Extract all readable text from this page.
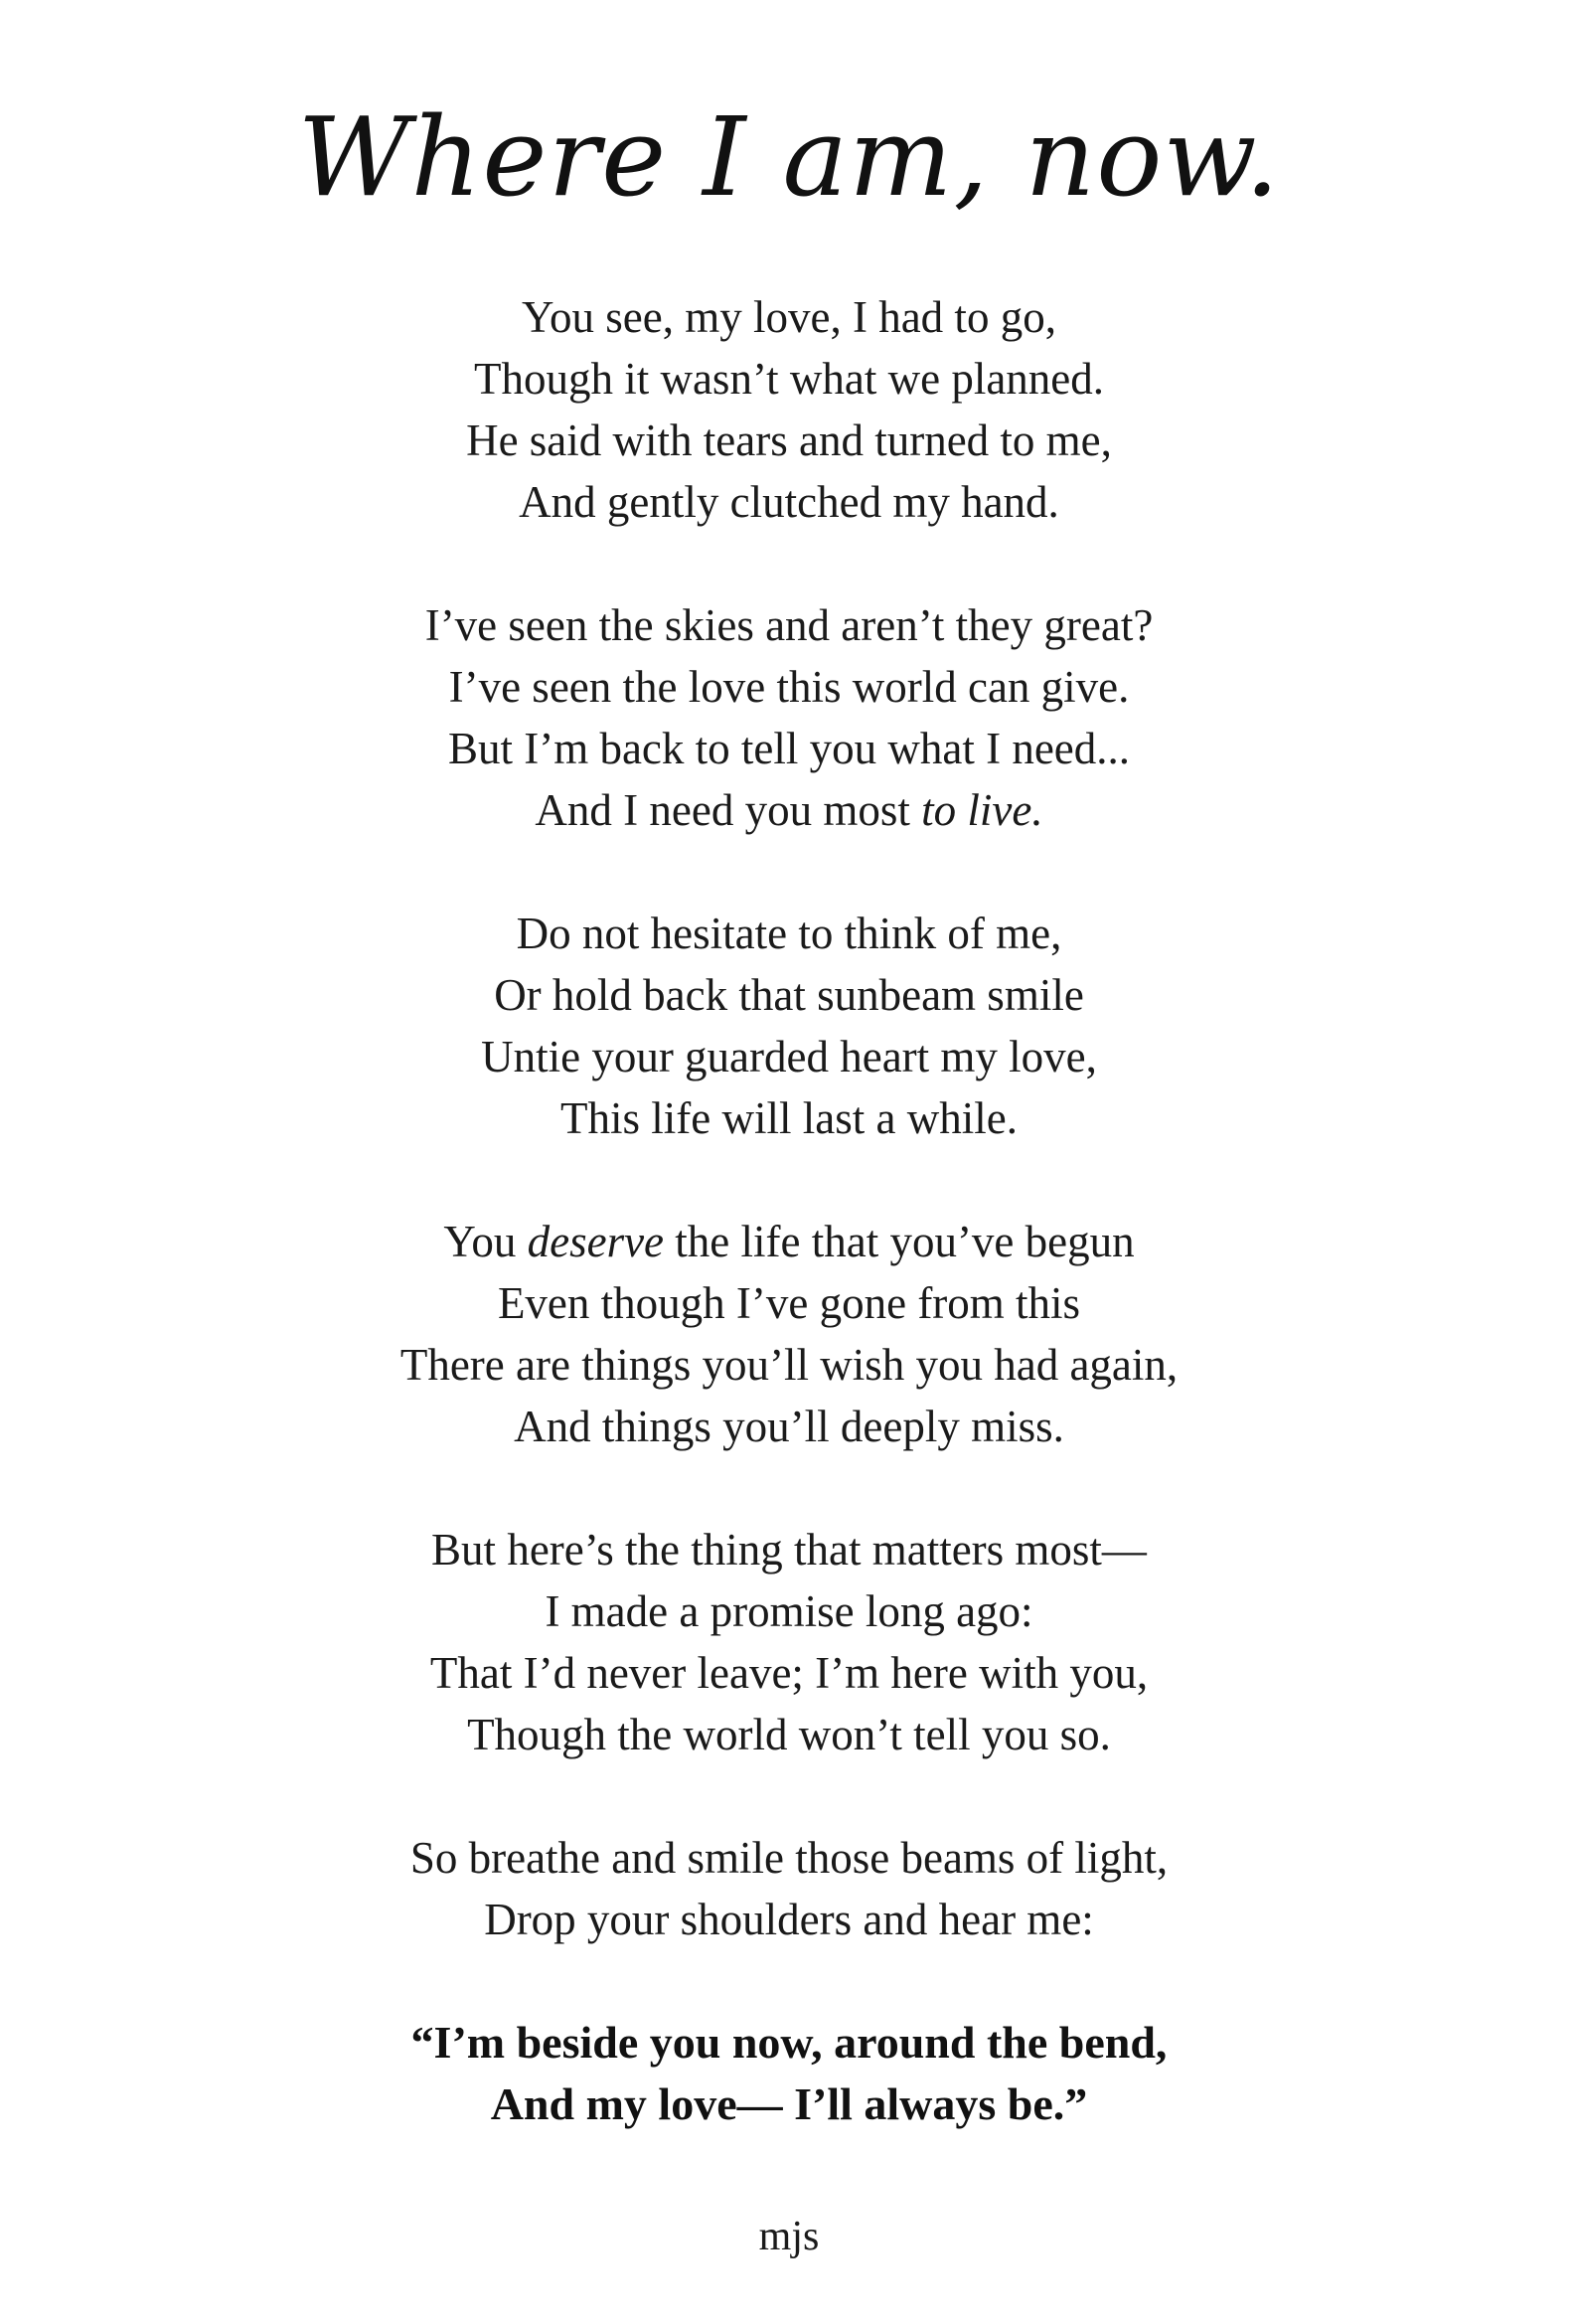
Where I am, now.
You see, my love, I had to go,
Though it wasn’t what we planned.
He said with tears and turned to me,
And gently clutched my hand.
I’ve seen the skies and aren’t they great?
I’ve seen the love this world can give.
But I’m back to tell you what I need...
And I need you most to live.
Do not hesitate to think of me,
Or hold back that sunbeam smile
Untie your guarded heart my love,
This life will last a while.
You deserve the life that you’ve begun
Even though I’ve gone from this
There are things you’ll wish you had again,
And things you’ll deeply miss.
But here’s the thing that matters most—
I made a promise long ago:
That I’d never leave; I’m here with you,
Though the world won’t tell you so.
So breathe and smile those beams of light,
Drop your shoulders and hear me:
“I’m beside you now, around the bend,
And my love— I’ll always be.”
mjs
